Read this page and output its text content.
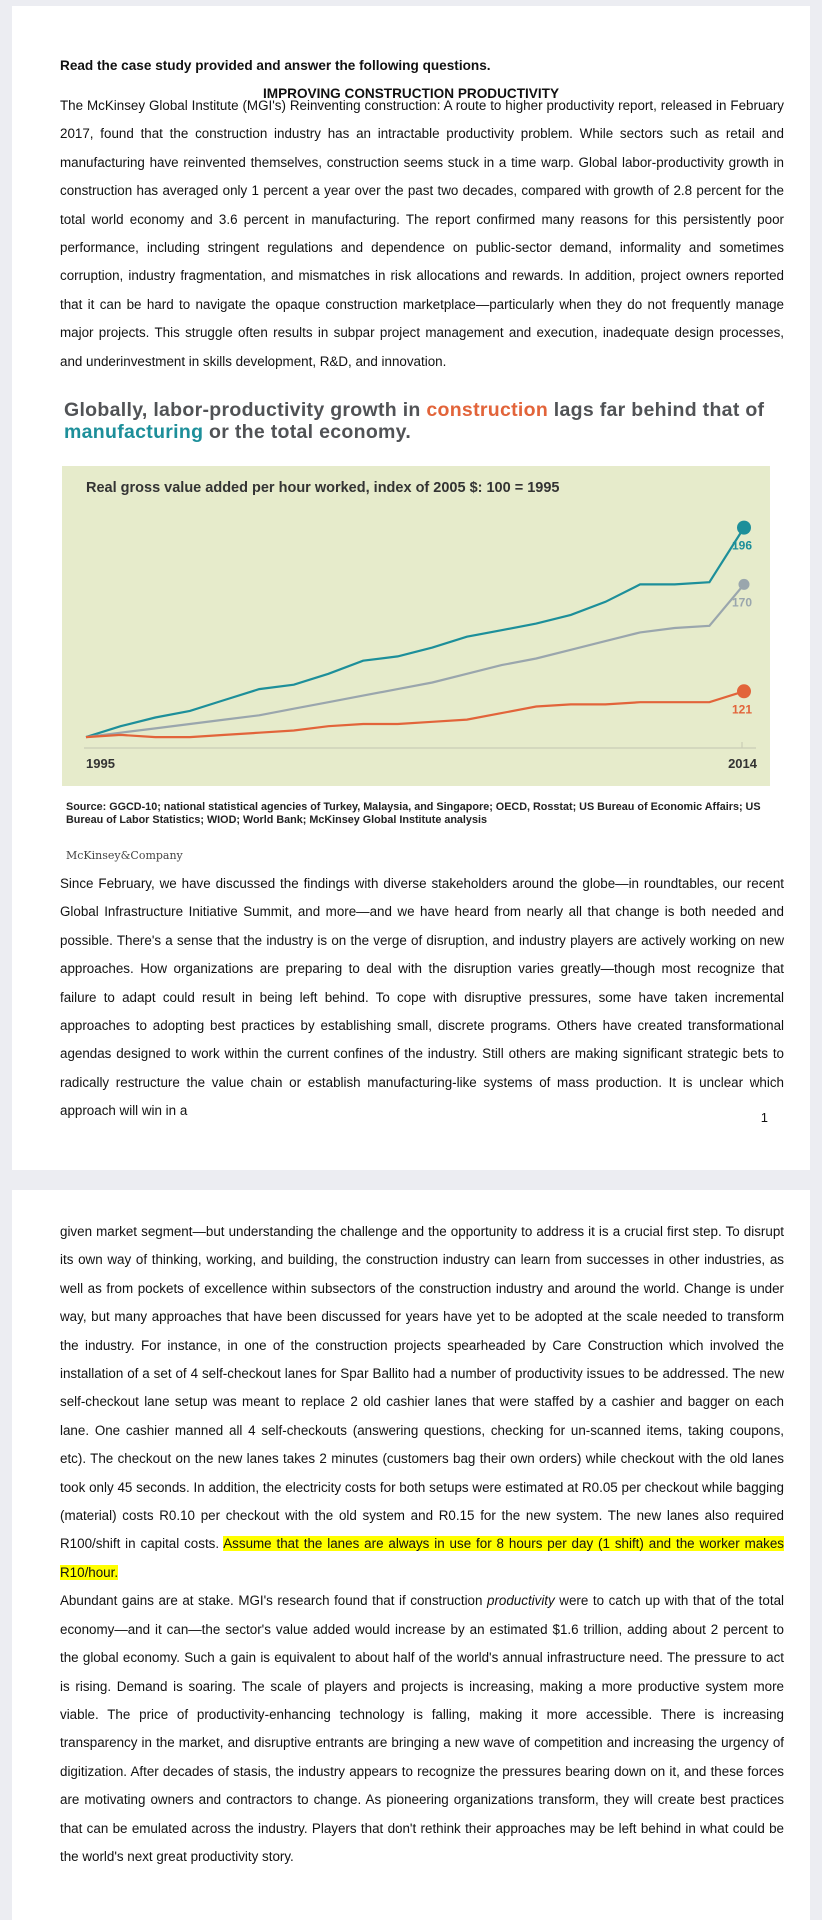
Read the case study provided and answer the following questions.
IMPROVING CONSTRUCTION PRODUCTIVITY

The McKinsey Global Institute (MGI's) Reinventing construction: A route to higher productivity report, released in February 2017, found that the construction industry has an intractable productivity problem. While sectors such as retail and manufacturing have reinvented themselves, construction seems stuck in a time warp. Global labor-productivity growth in construction has averaged only 1 percent a year over the past two decades, compared with growth of 2.8 percent for the total world economy and 3.6 percent in manufacturing. The report confirmed many reasons for this persistently poor performance, including stringent regulations and dependence on public-sector demand, informality and sometimes corruption, industry fragmentation, and mismatches in risk allocations and rewards. In addition, project owners reported that it can be hard to navigate the opaque construction marketplace—particularly when they do not frequently manage major projects. This struggle often results in subpar project management and execution, inadequate design processes, and underinvestment in skills development, R&D, and innovation.

Globally, labor-productivity growth in construction lags far behind that of manufacturing or the total economy.
Real gross value added per hour worked, index of 2005 $: 100 = 1995
196
170
121
1995	2014
Source: GGCD-10; national statistical agencies of Turkey, Malaysia, and Singapore; OECD, Rosstat; US Bureau of Economic Affairs; US Bureau of Labor Statistics; WIOD; World Bank; McKinsey Global Institute analysis
McKinsey&Company

Since February, we have discussed the findings with diverse stakeholders around the globe—in roundtables, our recent Global Infrastructure Initiative Summit, and more—and we have heard from nearly all that change is both needed and possible. There's a sense that the industry is on the verge of disruption, and industry players are actively working on new approaches. How organizations are preparing to deal with the disruption varies greatly—though most recognize that failure to adapt could result in being left behind. To cope with disruptive pressures, some have taken incremental approaches to adopting best practices by establishing small, discrete programs. Others have created transformational agendas designed to work within the current confines of the industry. Still others are making significant strategic bets to radically restructure the value chain or establish manufacturing-like systems of mass production. It is unclear which approach will win in a	1

given market segment—but understanding the challenge and the opportunity to address it is a crucial first step. To disrupt its own way of thinking, working, and building, the construction industry can learn from successes in other industries, as well as from pockets of excellence within subsectors of the construction industry and around the world. Change is under way, but many approaches that have been discussed for years have yet to be adopted at the scale needed to transform the industry. For instance, in one of the construction projects spearheaded by Care Construction which involved the installation of a set of 4 self-checkout lanes for Spar Ballito had a number of productivity issues to be addressed. The new self-checkout lane setup was meant to replace 2 old cashier lanes that were staffed by a cashier and bagger on each lane. One cashier manned all 4 self-checkouts (answering questions, checking for un-scanned items, taking coupons, etc). The checkout on the new lanes takes 2 minutes (customers bag their own orders) while checkout with the old lanes took only 45 seconds. In addition, the electricity costs for both setups were estimated at R0.05 per checkout while bagging (material) costs R0.10 per checkout with the old system and R0.15 for the new system. The new lanes also required R100/shift in capital costs. Assume that the lanes are always in use for 8 hours per day (1 shift) and the worker makes R10/hour.

Abundant gains are at stake. MGI's research found that if construction productivity were to catch up with that of the total economy—and it can—the sector's value added would increase by an estimated $1.6 trillion, adding about 2 percent to the global economy. Such a gain is equivalent to about half of the world's annual infrastructure need. The pressure to act is rising. Demand is soaring. The scale of players and projects is increasing, making a more productive system more viable. The price of productivity-enhancing technology is falling, making it more accessible. There is increasing transparency in the market, and disruptive entrants are bringing a new wave of competition and increasing the urgency of digitization. After decades of stasis, the industry appears to recognize the pressures bearing down on it, and these forces are motivating owners and contractors to change. As pioneering organizations transform, they will create best practices that can be emulated across the industry. Players that don't rethink their approaches may be left behind in what could be the world's next great productivity story.
